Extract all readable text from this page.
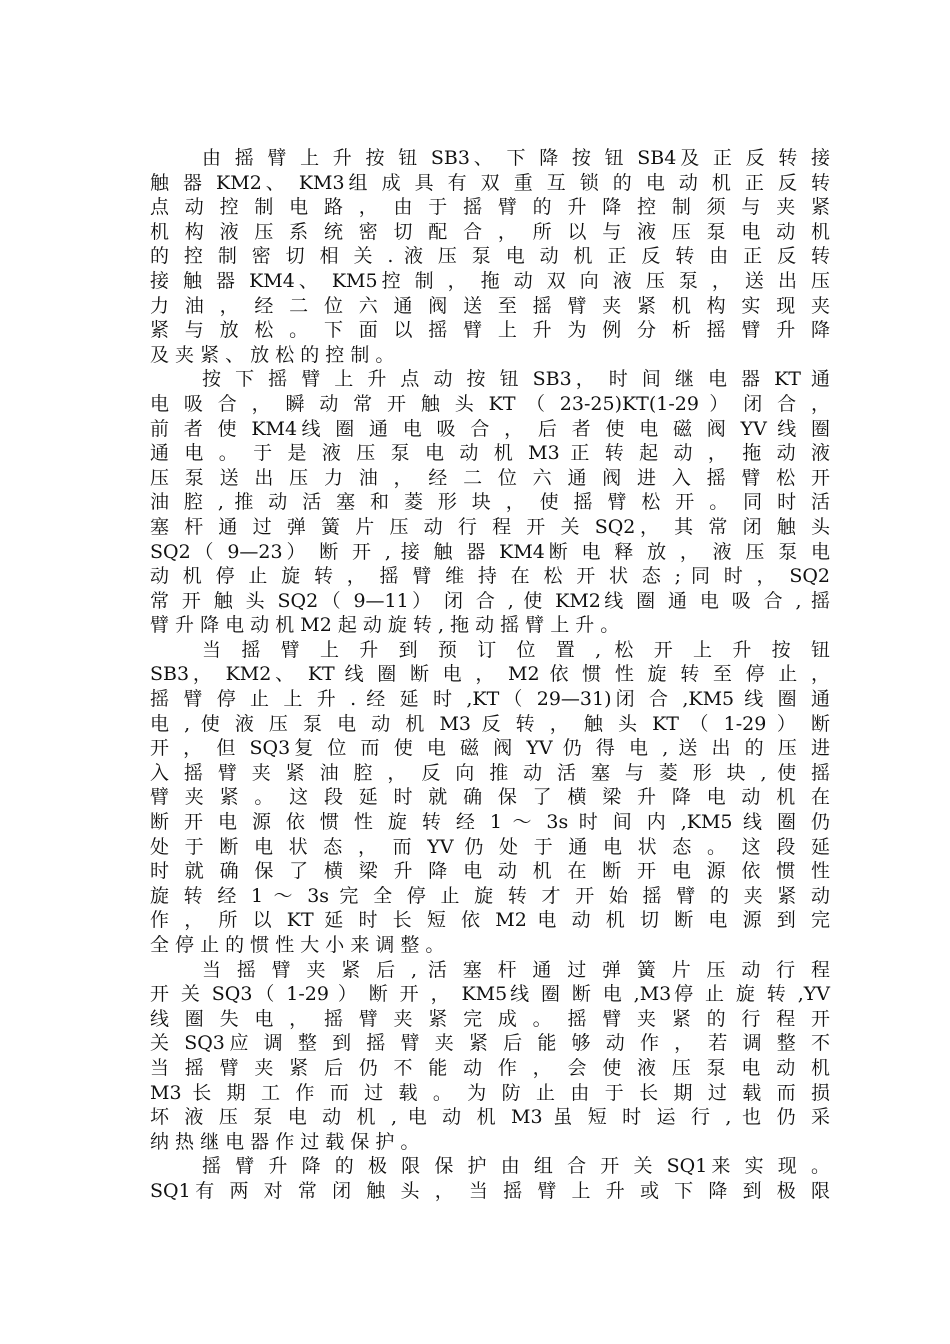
由 摇 臂 上 升 按 钮 SB3、 下 降 按 钮 SB4及 正 反 转 接
触 器 KM2、 KM3组 成 具 有 双 重 互 锁 的 电 动 机 正 反 转
点 动 控 制 电 路 ， 由 于 摇 臂 的 升 降 控 制 须 与 夹 紧
机 构 液 压 系 统 密 切 配 合 ， 所 以 与 液 压 泵 电 动 机
的 控 制 密 切 相 关 . 液 压 泵 电 动 机 正 反 转 由 正 反 转
接 触 器 KM4、 KM5控 制 ， 拖 动 双 向 液 压 泵 ， 送 出 压
力 油 ， 经 二 位 六 通 阀 送 至 摇 臂 夹 紧 机 构 实 现 夹
紧 与 放 松 。 下 面 以 摇 臂 上 升 为 例 分 析 摇 臂 升 降
及 夹 紧 、 放 松 的 控 制 。
按 下 摇 臂 上 升 点 动 按 钮 SB3， 时 间 继 电 器 KT 通
电 吸 合 ， 瞬 动 常 开 触 头 KT （ 23-25)KT(1-29 ） 闭 合 ，
前 者 使 KM4线 圈 通 电 吸 合 ， 后 者 使 电 磁 阀 YV 线 圈
通 电 。 于 是 液 压 泵 电 动 机 M3 正 转 起 动 ， 拖 动 液
压 泵 送 出 压 力 油 ， 经 二 位 六 通 阀 进 入 摇 臂 松 开
油 腔 , 推 动 活 塞 和 菱 形 块 ， 使 摇 臂 松 开 。 同 时 活
塞 杆 通 过 弹 簧 片 压 动 行 程 开 关 SQ2， 其 常 闭 触 头
SQ2（ 9—23） 断 开 , 接 触 器 KM4断 电 释 放 ， 液 压 泵 电
动 机 停 止 旋 转 ， 摇 臂 维 持 在 松 开 状 态 ; 同 时 ， SQ2
常 开 触 头 SQ2（ 9—11） 闭 合 , 使 KM2线 圈 通 电 吸 合 , 摇
臂 升 降 电 动 机 M2 起 动 旋 转 , 拖 动 摇 臂 上 升 。
当 摇 臂 上 升 到 预 订 位 置 , 松 开 上 升 按 钮
SB3， KM2、 KT 线 圈 断 电 ， M2 依 惯 性 旋 转 至 停 止 ，
摇 臂 停 止 上 升 . 经 延 时 ,KT（ 29—31)闭 合 ,KM5 线 圈 通
电 , 使 液 压 泵 电 动 机 M3 反 转 ， 触 头 KT （ 1-29 ） 断
开 ， 但 SQ3复 位 而 使 电 磁 阀 YV 仍 得 电 , 送 出 的 压 进
入 摇 臂 夹 紧 油 腔 ， 反 向 推 动 活 塞 与 菱 形 块 , 使 摇
臂 夹 紧 。 这 段 延 时 就 确 保 了 横 梁 升 降 电 动 机 在
断 开 电 源 依 惯 性 旋 转 经 1 ～ 3s 时 间 内 ,KM5 线 圈 仍
处 于 断 电 状 态 ， 而 YV 仍 处 于 通 电 状 态 。 这 段 延
时 就 确 保 了 横 梁 升 降 电 动 机 在 断 开 电 源 依 惯 性
旋 转 经 1 ～ 3s 完 全 停 止 旋 转 才 开 始 摇 臂 的 夹 紧 动
作 ， 所 以 KT 延 时 长 短 依 M2 电 动 机 切 断 电 源 到 完
全 停 止 的 惯 性 大 小 来 调 整 。
当 摇 臂 夹 紧 后 , 活 塞 杆 通 过 弹 簧 片 压 动 行 程
开 关 SQ3（ 1-29 ） 断 开 ， KM5线 圈 断 电 ,M3停 止 旋 转 ,YV
线 圈 失 电 ， 摇 臂 夹 紧 完 成 。 摇 臂 夹 紧 的 行 程 开
关 SQ3应 调 整 到 摇 臂 夹 紧 后 能 够 动 作 ， 若 调 整 不
当 摇 臂 夹 紧 后 仍 不 能 动 作 ， 会 使 液 压 泵 电 动 机
M3 长 期 工 作 而 过 载 。 为 防 止 由 于 长 期 过 载 而 损
坏 液 压 泵 电 动 机 , 电 动 机 M3 虽 短 时 运 行 , 也 仍 采
纳 热 继 电 器 作 过 载 保 护 。
摇 臂 升 降 的 极 限 保 护 由 组 合 开 关 SQ1来 实 现 。
SQ1有 两 对 常 闭 触 头 ， 当 摇 臂 上 升 或 下 降 到 极 限
